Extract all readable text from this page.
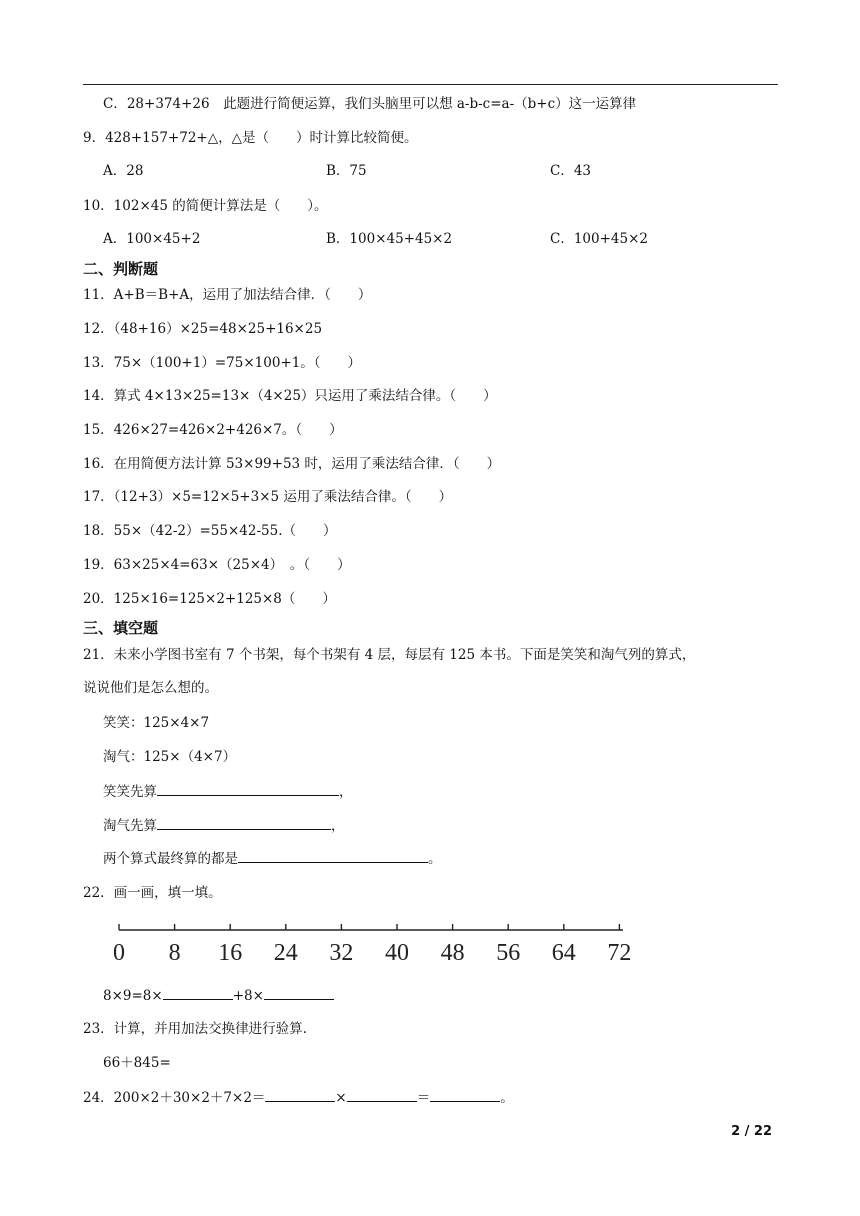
C．28+374+26　此题进行简便运算，我们头脑里可以想 a-b-c=a-（b+c）这一运算律
9．428+157+72+△，△是（　　）时计算比较简便。
A．28	B．75	C．43
10．102×45 的简便计算法是（　　）。
A．100×45+2	B．100×45+45×2	C．100+45×2
二、判断题
11．A+B＝B+A，运用了加法结合律．（　　）
12．（48+16）×25=48×25+16×25
13．75×（100+1）=75×100+1。（　　）
14．算式 4×13×25=13×（4×25）只运用了乘法结合律。（　　）
15．426×27=426×2+426×7。（　　）
16．在用简便方法计算 53×99+53 时，运用了乘法结合律．（　　）
17．（12+3）×5=12×5+3×5 运用了乘法结合律。（　　）
18．55×（42-2）=55×42-55.（　　）
19．63×25×4=63×（25×4）　。（　　）
20．125×16=125×2+125×8（　　）
三、填空题
21．未来小学图书室有 7 个书架，每个书架有 4 层，每层有 125 本书。下面是笑笑和淘气列的算式，
说说他们是怎么想的。
笑笑：125×4×7
淘气：125×（4×7）
笑笑先算	，
淘气先算	，
两个算式最终算的都是	。
22．画一画，填一填。
0 8 16 24 32 40 48 56 64 72
8×9=8×	+8×
23．计算，并用加法交换律进行验算.
66＋845=
24．200×2＋30×2＋7×2＝	×	＝	。
2 / 22
